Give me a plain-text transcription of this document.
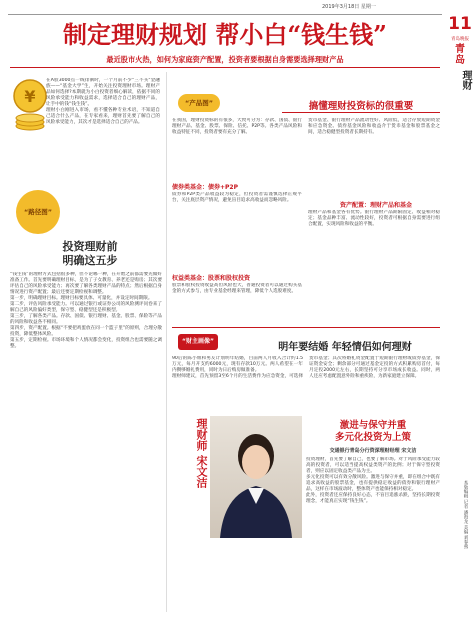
2019年3月18日 星期一
11
青岛晚报
青
岛
理财
本版编辑 记者 潘海龙 美编 刘春燕
制定理财规划 帮小白“钱生钱”
最近股市火热，如何为家庭资产配置，投资者要根据自身需要选择理财产品
¥
在A股3000点一线徘徊时，一个月前不少"三不买"金融族——“基金大学”生，开始关注投资理财市场。理财产品如何选择?本期就为小白投资者细心解读，依据不同的风险承受能力和收益需求，选择适合自己的理财产品，让手中的钱“钱生钱”。
理财小白刚进入市场，看不懂各种专业术语，不知道自己适合什么产品，在专家看来，理财首先要了解自己的风险承受能力，其次才是选择适合自己的产品。
“路径图”
投资理财前
明确这五步
“钱生钱”的理财方式包括很多种，但不论哪一种，在开始之前都需要先做好准备工作。首先要明确理财目标，是为了子女教育、养老还是购房；其次要评估自己的风险承受能力；再次要了解各类理财产品的特点；然后根据自身情况进行资产配置；最后还要定期检视和调整。
第一步，明确理财目标。理财目标要具体、可量化，并设定时间期限。
第二步，评估风险承受能力。可以通过银行或证券公司的风险测评问卷来了解自己的风险偏好类型，保守型、稳健型还是积极型。
第三步，了解各类产品。存款、国债、银行理财、基金、股票、保险等产品的风险和收益各不相同。
第四步，资产配置。根据“不要把鸡蛋放在同一个篮子里”的原则，合理分散投资，降低整体风险。
第五步，定期检视。市场环境和个人情况都会变化，投资组合也需要随之调整。
“产品图”	搞懂理财投资标的很重要
在我国，理财投资标的有很多，大致可分为：存款、国债、银行理财产品、基金、股票、保险、信托、P2P等。各类产品风险和收益特征不同，投资者要有充分了解。
债券类基金：债券+P2P
债券和P2P类产品收益较为稳定，但投资者需谨慎选择正规平台，关注底层资产情况，避免盲目追求高收益而忽略风险。
权益类基金：股票和股权投资
股票和股权投资收益高但风险也大，普通投资者可以通过购买基金的方式参与，由专业基金经理来管理，降低个人选股难度。
货币基金、银行理财产品流动性好、风险低，适合存放短期资金和应急资金。债券基金风险和收益介于货币基金和股票基金之间，适合稳健型投资者长期持有。
资产配置：理财产品和基金
理财产品和基金各有优势。银行理财产品期限固定、收益相对稳定；基金品种丰富、流动性较好，投资者可根据自身需要进行组合配置，实现风险和收益的平衡。
“财主画像”
明年要结婚 年轻情侣如何理财
90后的陈小姐和男友计划明年结婚，目前两人月收入合计约1.5万元，每月开支约6000元，现有存款10万元。两人希望在一年内攒够婚礼费用，同时为日后购房做准备。
理财师建议，首先预留3至6个月的生活费作为应急资金，可选择货币基金；其次将婚礼资金配置于短期银行理财或债券基金，保证资金安全；剩余部分可通过基金定投的方式积累购房首付，每月定投2000元左右，长期坚持可分享市场成长收益。同时，两人还应考虑配置意外险和重疾险，为新家庭建立保障。
理财师 宋文洁
激进与保守并重
多元化投资为上策
交通银行青岛分行资深理财经理 宋文洁
投资理财，首先要了解自己，也要了解市场。对于风险承受能力较高的投资者，可以适当提高权益类资产的比例；对于保守型投资者，则应以固定收益类产品为主。
多元化投资可以有效分散风险。激进与保守并重，即在组合中既有追求高收益的股票基金，也有提供稳定收益的债券和银行理财产品，这样在市场波动时，整体资产也能保持相对稳定。
此外，投资者还应保持良好心态，不盲目追涨杀跌，坚持长期投资理念，才能真正实现“钱生钱”。
